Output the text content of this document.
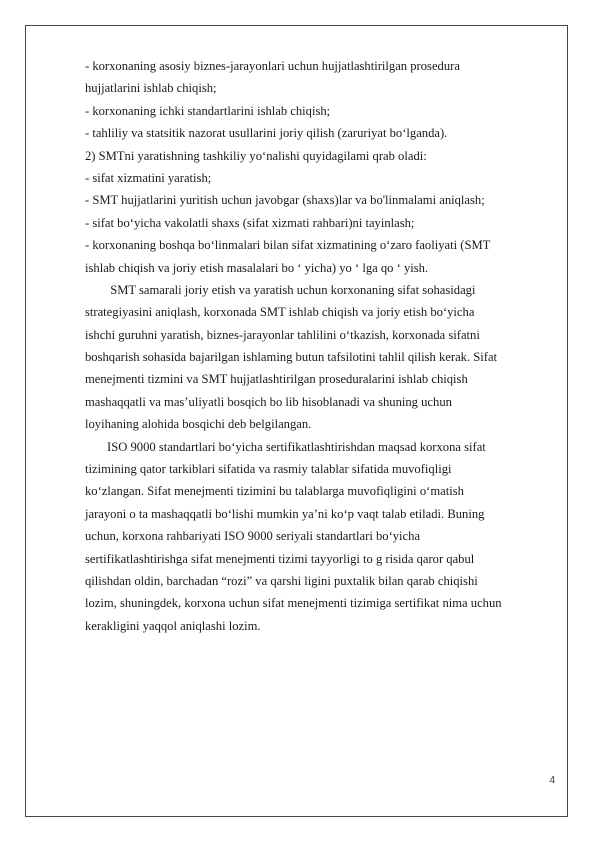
- korxonaning asosiy biznes-jarayonlari uchun hujjatlashtirilgan prosedura
hujjatlarini ishlab chiqish;
- korxonaning ichki standartlarini ishlab chiqish;
- tahliliy va statsitik nazorat usullarini joriy qilish (zaruriyat bo‘lganda).
2) SMTni yaratishning tashkiliy yo‘nalishi quyidagilami qrab oladi:
- sifat xizmatini yaratish;
- SMT hujjatlarini yuritish uchun javobgar (shaxs)lar va bo'linmalami aniqlash;
- sifat bo‘yicha vakolatli shaxs (sifat xizmati rahbari)ni tayinlash;
- korxonaning boshqa bo‘linmalari bilan sifat xizmatining o‘zaro faoliyati (SMT
ishlab chiqish va joriy etish masalalari bo ‘ yicha) yo ‘ lga qo ‘ yish.
SMT samarali joriy etish va yaratish uchun korxonaning sifat sohasidagi
strategiyasini aniqlash, korxonada SMT ishlab chiqish va joriy etish bo‘yicha
ishchi guruhni yaratish, biznes-jarayonlar tahlilini o‘tkazish, korxonada sifatni
boshqarish sohasida bajarilgan ishlaming butun tafsilotini tahlil qilish kerak. Sifat
menejmenti tizmini va SMT hujjatlashtirilgan proseduralarini ishlab chiqish
mashaqqatli va mas’uliyatli bosqich bo lib hisoblanadi va shuning uchun
loyihaning alohida bosqichi deb belgilangan.
ISO 9000 standartlari bo‘yicha sertifikatlashtirishdan maqsad korxona sifat
tizimining qator tarkiblari sifatida va rasmiy talablar sifatida muvofiqligi
ko‘zlangan. Sifat menejmenti tizimini bu talablarga muvofiqligini o‘matish
jarayoni o ta mashaqqatli bo‘lishi mumkin ya’ni ko‘p vaqt talab etiladi. Buning
uchun, korxona rahbariyati ISO 9000 seriyali standartlari bo‘yicha
sertifikatlashtirishga sifat menejmenti tizimi tayyorligi to g risida qaror qabul
qilishdan oldin, barchadan “rozi” va qarshi ligini puxtalik bilan qarab chiqishi
lozim, shuningdek, korxona uchun sifat menejmenti tizimiga sertifikat nima uchun
kerakligini yaqqol aniqlashi lozim.
4
